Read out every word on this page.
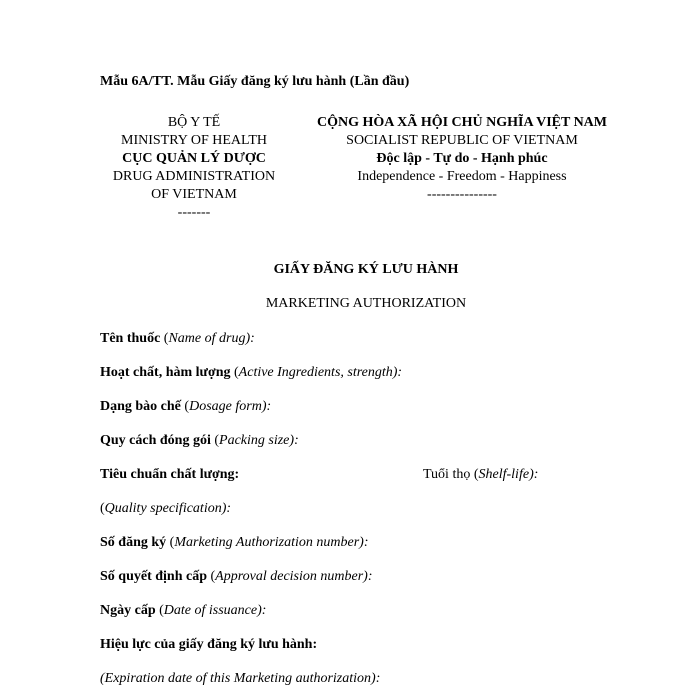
Mẫu 6A/TT. Mẫu Giấy đăng ký lưu hành (Lần đầu)
BỘ Y TẾ
MINISTRY OF HEALTH
CỤC QUẢN LÝ DƯỢC
DRUG ADMINISTRATION
OF VIETNAM
-------
CỘNG HÒA XÃ HỘI CHỦ NGHĨA VIỆT NAM
SOCIALIST REPUBLIC OF VIETNAM
Độc lập - Tự do - Hạnh phúc
Independence - Freedom - Happiness
---------------
GIẤY ĐĂNG KÝ LƯU HÀNH
MARKETING AUTHORIZATION
Tên thuốc (Name of drug):
Hoạt chất, hàm lượng (Active Ingredients, strength):
Dạng bào chế (Dosage form):
Quy cách đóng gói (Packing size):
Tiêu chuẩn chất lượng:	Tuổi thọ (Shelf-life):
(Quality specification):
Số đăng ký (Marketing Authorization number):
Số quyết định cấp (Approval decision number):
Ngày cấp (Date of issuance):
Hiệu lực của giấy đăng ký lưu hành:
(Expiration date of this Marketing authorization):
